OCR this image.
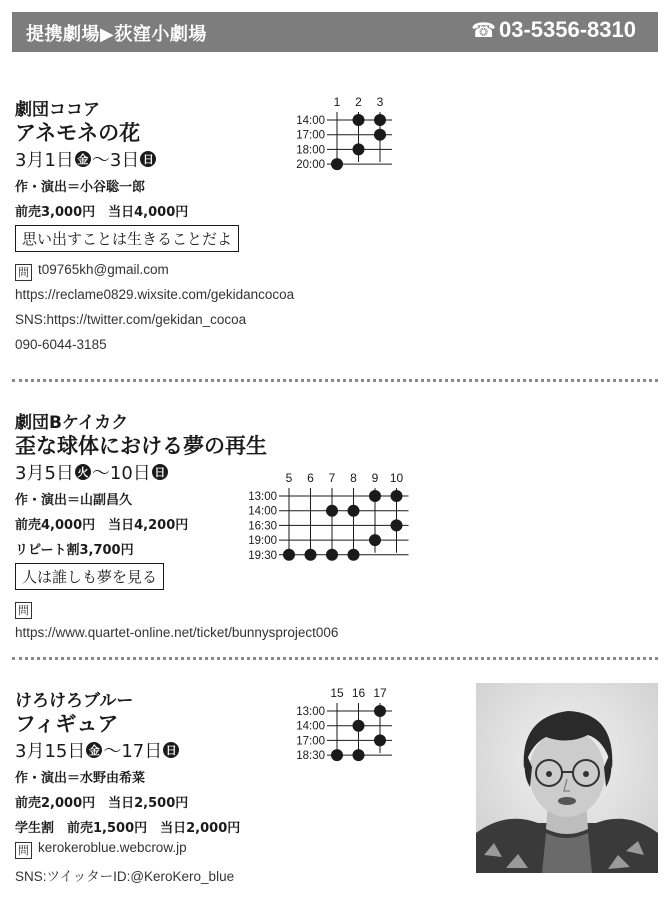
提携劇場▶荻窪小劇場	☎ 03-5356-8310
劇団ココア
アネモネの花
3月1日 金 〜 3日 日
作・演出＝小谷聡一郎
前売3,000円　当日4,000円
思い出すことは生きることだよ
問 t09765kh@gmail.com
https://reclame0829.wixsite.com/gekidancocoa
SNS:https://twitter.com/gekidan_cocoa
090-6044-3185
1 2 3
14:00
17:00
18:00
20:00
劇団Bケイカク
歪な球体における夢の再生
3月5日 火 〜 10日 日
作・演出＝山副昌久
前売4,000円　当日4,200円
リピート割3,700円
人は誰しも夢を見る
問
https://www.quartet-online.net/ticket/bunnysproject006
5 6 7 8 9 10
13:00
14:00
16:30
19:00
19:30
けろけろブルー
フィギュア
3月15日 金 〜 17日 日
作・演出＝水野由希菜
前売2,000円　当日2,500円
学生割　前売1,500円　当日2,000円
問 kerokeroblue.webcrow.jp
SNS:ツイッターID:@KeroKero_blue
15 16 17
13:00
14:00
17:00
18:30
